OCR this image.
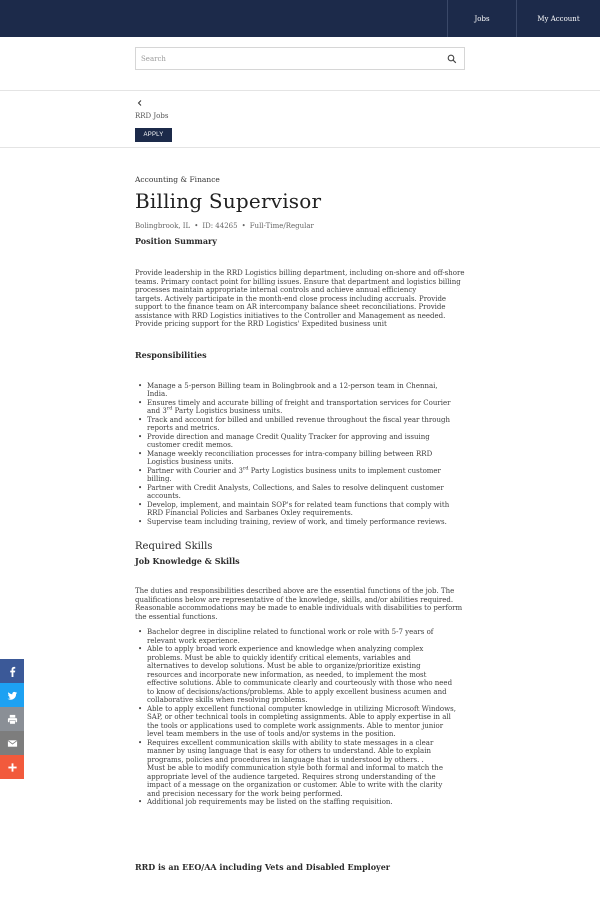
Jobs	My Account
Search
RRD Jobs
APPLY
Accounting & Finance
Billing Supervisor
Bolingbrook, IL • ID: 44265 • Full-Time/Regular
Position Summary
Provide leadership in the RRD Logistics billing department, including on-shore and off-shore
teams. Primary contact point for billing issues. Ensure that department and logistics billing
processes maintain appropriate internal controls and achieve annual efficiency
targets. Actively participate in the month-end close process including accruals. Provide
support to the finance team on AR intercompany balance sheet reconciliations. Provide
assistance with RRD Logistics initiatives to the Controller and Management as needed.
Provide pricing support for the RRD Logistics' Expedited business unit
Responsibilities
• Manage a 5-person Billing team in Bolingbrook and a 12-person team in Chennai,
India.
• Ensures timely and accurate billing of freight and transportation services for Courier
and 3rd Party Logistics business units.
• Track and account for billed and unbilled revenue throughout the fiscal year through
reports and metrics.
• Provide direction and manage Credit Quality Tracker for approving and issuing
customer credit memos.
• Manage weekly reconciliation processes for intra-company billing between RRD
Logistics business units.
• Partner with Courier and 3rd Party Logistics business units to implement customer
billing.
• Partner with Credit Analysts, Collections, and Sales to resolve delinquent customer
accounts.
• Develop, implement, and maintain SOP's for related team functions that comply with
RRD Financial Policies and Sarbanes Oxley requirements.
• Supervise team including training, review of work, and timely performance reviews.
Required Skills
Job Knowledge & Skills
The duties and responsibilities described above are the essential functions of the job. The
qualifications below are representative of the knowledge, skills, and/or abilities required.
Reasonable accommodations may be made to enable individuals with disabilities to perform
the essential functions.
• Bachelor degree in discipline related to functional work or role with 5-7 years of
relevant work experience.
• Able to apply broad work experience and knowledge when analyzing complex
problems. Must be able to quickly identify critical elements, variables and
alternatives to develop solutions. Must be able to organize/prioritize existing
resources and incorporate new information, as needed, to implement the most
effective solutions. Able to communicate clearly and courteously with those who need
to know of decisions/actions/problems. Able to apply excellent business acumen and
collaborative skills when resolving problems.
• Able to apply excellent functional computer knowledge in utilizing Microsoft Windows,
SAP, or other technical tools in completing assignments. Able to apply expertise in all
the tools or applications used to complete work assignments. Able to mentor junior
level team members in the use of tools and/or systems in the position.
• Requires excellent communication skills with ability to state messages in a clear
manner by using language that is easy for others to understand. Able to explain
programs, policies and procedures in language that is understood by others. .
Must be able to modify communication style both formal and informal to match the
appropriate level of the audience targeted. Requires strong understanding of the
impact of a message on the organization or customer. Able to write with the clarity
and precision necessary for the work being performed.
• Additional job requirements may be listed on the staffing requisition.
RRD is an EEO/AA including Vets and Disabled Employer
